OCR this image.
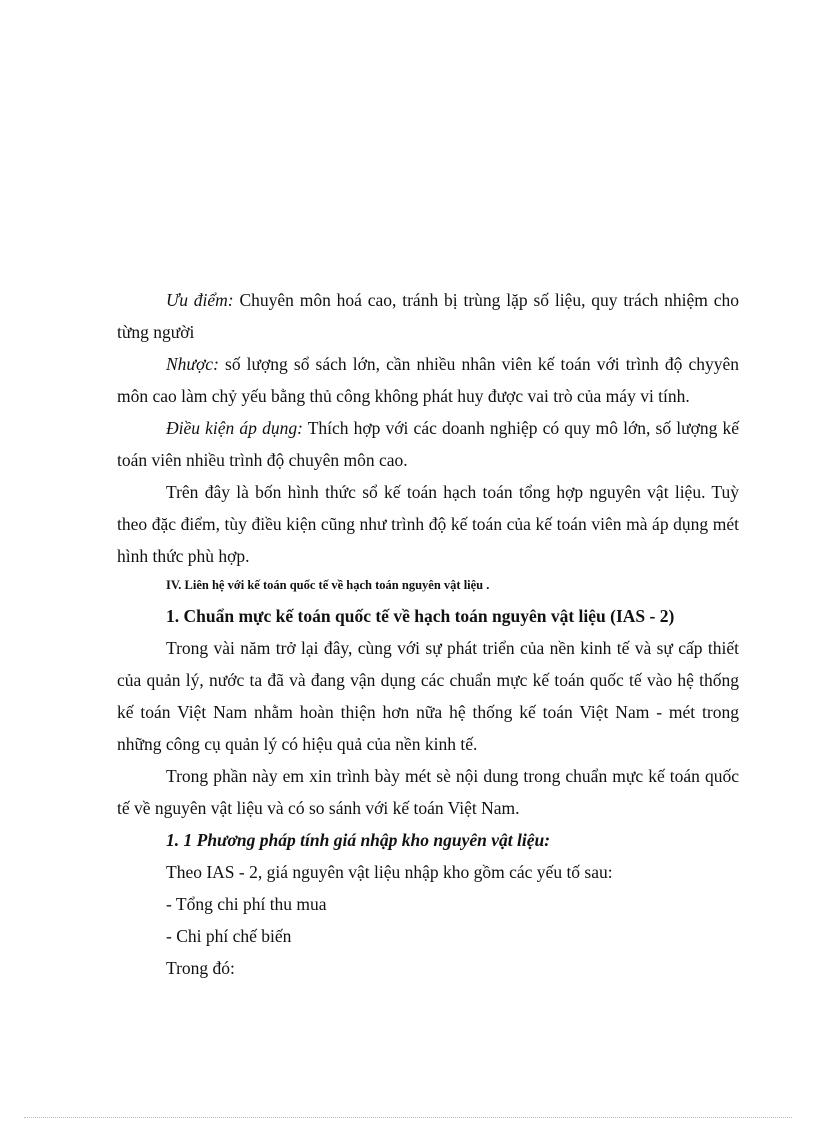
Ưu điểm: Chuyên môn hoá cao, tránh bị trùng lặp số liệu, quy trách nhiệm cho từng người

Nhược: số lượng sổ sách lớn, cần nhiều nhân viên kế toán với trình độ chyyên môn cao làm chỷ yếu bằng thủ công không phát huy được vai trò của máy vi tính.

Điều kiện áp dụng: Thích hợp với các doanh nghiệp có quy mô lớn, số lượng kế toán viên nhiều trình độ chuyên môn cao.

Trên đây là bốn hình thức sổ kế toán hạch toán tổng hợp nguyên vật liệu. Tuỳ theo đặc điểm, tùy điều kiện cũng như trình độ kế toán của kế toán viên mà áp dụng mét hình thức phù hợp.

IV. Liên hệ với kế toán quốc tế về hạch toán nguyên vật liệu .

1. Chuẩn mực kế toán quốc tế về hạch toán nguyên vật liệu (IAS - 2)

Trong vài năm trở lại đây, cùng với sự phát triển của nền kinh tế và sự cấp thiết của quản lý, nước ta đã và đang vận dụng các chuẩn mực kế toán quốc tế vào hệ thống kế toán Việt Nam nhằm hoàn thiện hơn nữa hệ thống kế toán Việt Nam - mét trong những công cụ quản lý có hiệu quả của nền kinh tế.

Trong phần này em xin trình bày mét sè nội dung trong chuẩn mực kế toán quốc tế về nguyên vật liệu và có so sánh với kế toán Việt Nam.

1. 1 Phương pháp tính giá nhập kho nguyên vật liệu:

Theo IAS - 2, giá nguyên vật liệu nhập kho gồm các yếu tố sau:

- Tổng chi phí thu mua

- Chi phí chế biến

Trong đó:
